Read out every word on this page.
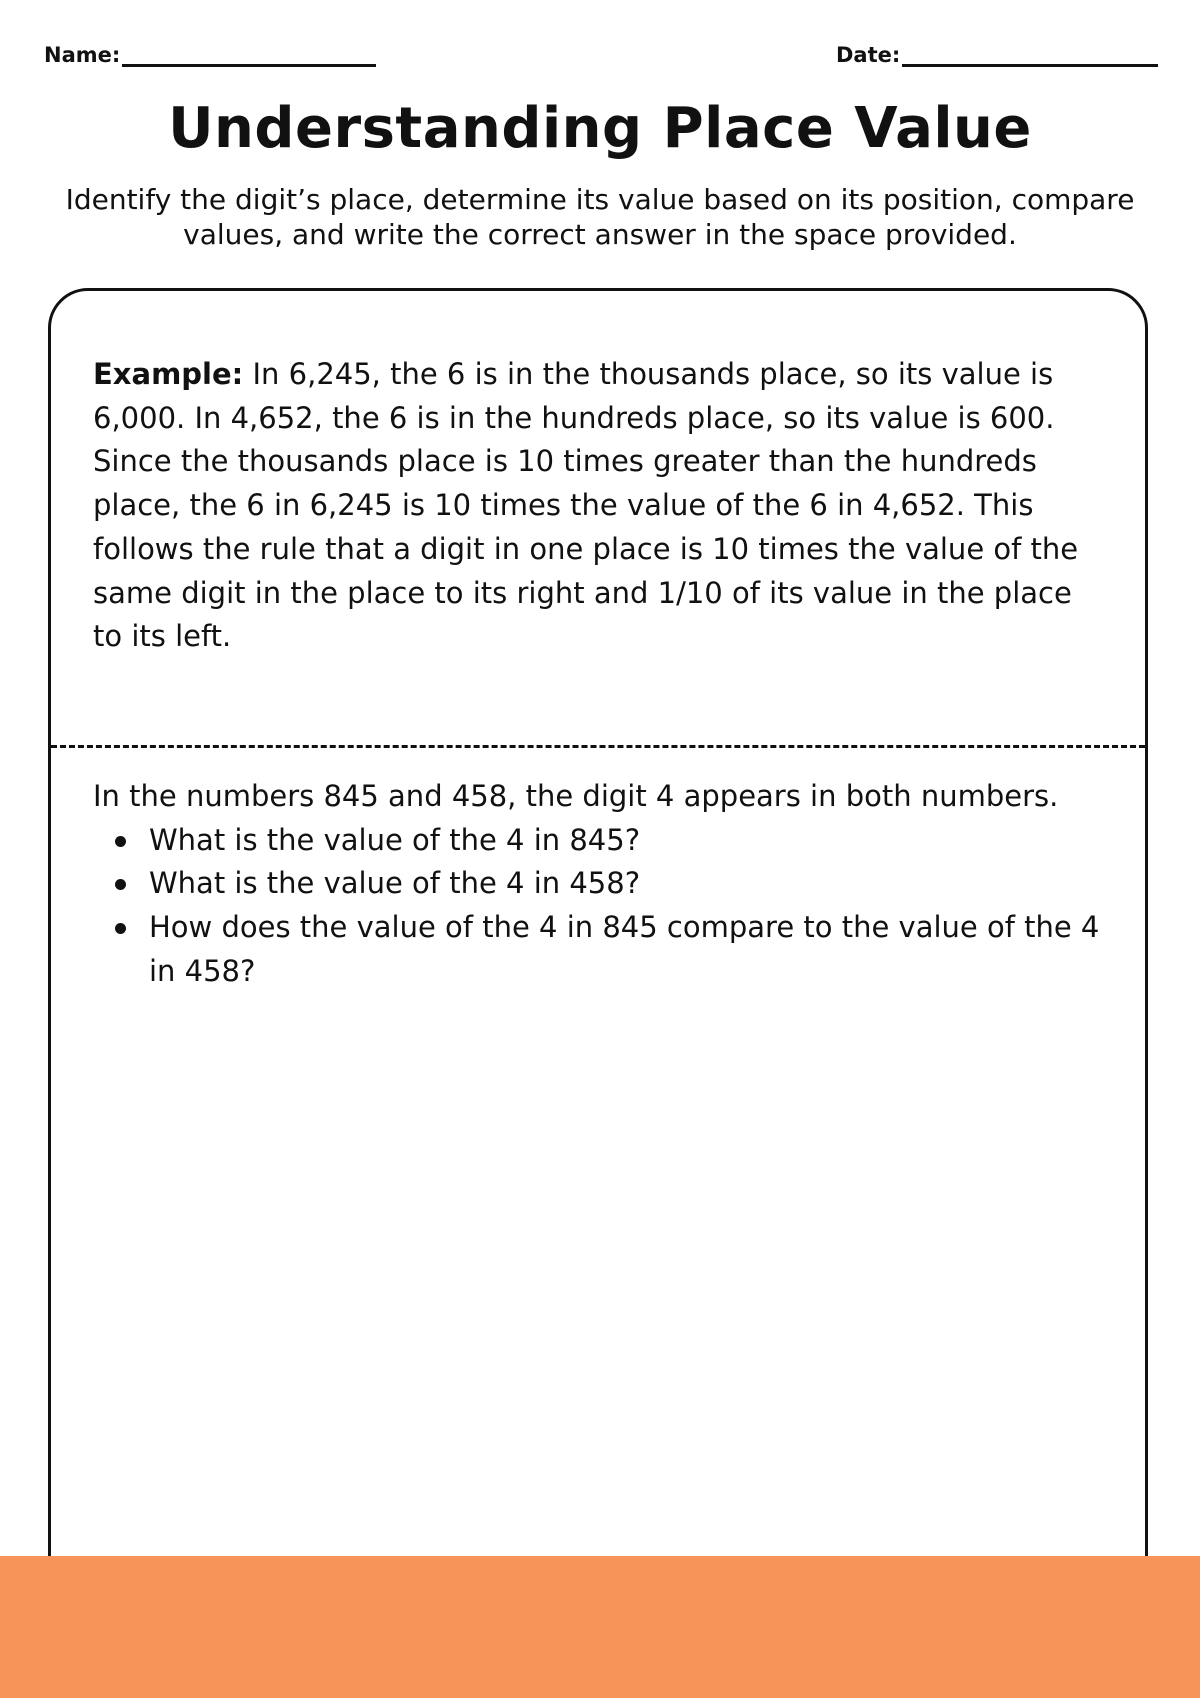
Name:	Date:
Understanding Place Value

Identify the digit’s place, determine its value based on its position, compare values, and write the correct answer in the space provided.

Example: In 6,245, the 6 is in the thousands place, so its value is 6,000. In 4,652, the 6 is in the hundreds place, so its value is 600. Since the thousands place is 10 times greater than the hundreds place, the 6 in 6,245 is 10 times the value of the 6 in 4,652. This follows the rule that a digit in one place is 10 times the value of the same digit in the place to its right and 1/10 of its value in the place to its left.

In the numbers 845 and 458, the digit 4 appears in both numbers.

What is the value of the 4 in 845?
What is the value of the 4 in 458?
How does the value of the 4 in 845 compare to the value of the 4 in 458?
